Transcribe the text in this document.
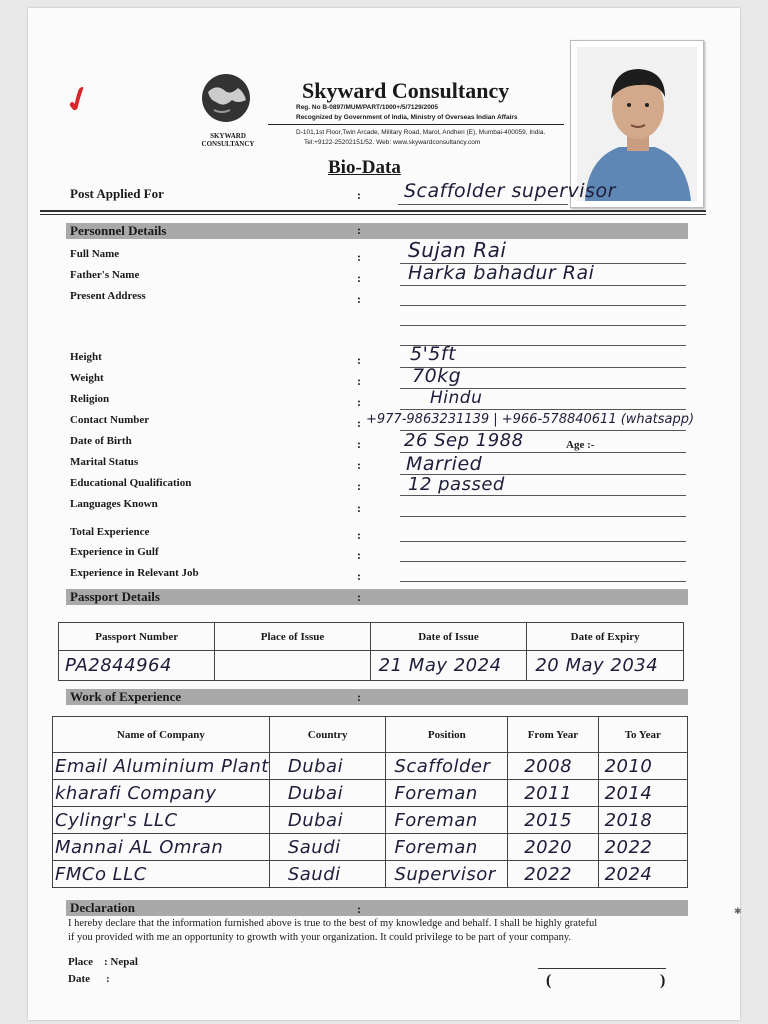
✓
SKYWARD CONSULTANCY
Skyward Consultancy
Reg. No B-0897/MUM/PART/1000+/5/7129/2005
Recognized by Government of India, Ministry of Overseas Indian Affairs
D-101,1st Floor,Twin Arcade, Military Road, Marol, Andheri (E), Mumbai-400059, India.
Tel:+9122-25202151/52. Web: www.skywardconsultancy.com
Bio-Data
Post Applied For	: Scaffolder supervisor
Personnel Details	:
Full Name	: Sujan Rai
Father's Name	: Harka bahadur Rai
Present Address	:
Height	:	5'5ft
Weight	:	70kg
Religion	:	Hindu
Contact Number	: +977-9863231139 | +966-578840611 (whatsapp)
Date of Birth	: 26 Sep 1988	Age :-
Marital Status	: Married
Educational Qualification	:	12 passed
Languages Known	:
Total Experience	:
Experience in Gulf	:
Experience in Relevant Job	:
Passport Details	:
Passport Number	Place of Issue	Date of Issue	Date of Expiry
PA2844964		21 May 2024	20 May 2034
Work of Experience	:
Name of Company	Country	Position	From Year	To Year
Email Aluminium Plant	Dubai	Scaffolder	2008	2010
kharafi Company	Dubai	Foreman	2011	2014
Cylingr's LLC	Dubai	Foreman	2015	2018
Mannai AL Omran	Saudi	Foreman	2020	2022
FMCo LLC	Saudi	Supervisor	2022	2024
Declaration	:
I hereby declare that the information furnished above is true to the best of my knowledge and behalf. I shall be highly grateful
if you provided with me an opportunity to growth with your organization. It could privilege to be part of your company.
Place : Nepal
Date :	(	)
✱
